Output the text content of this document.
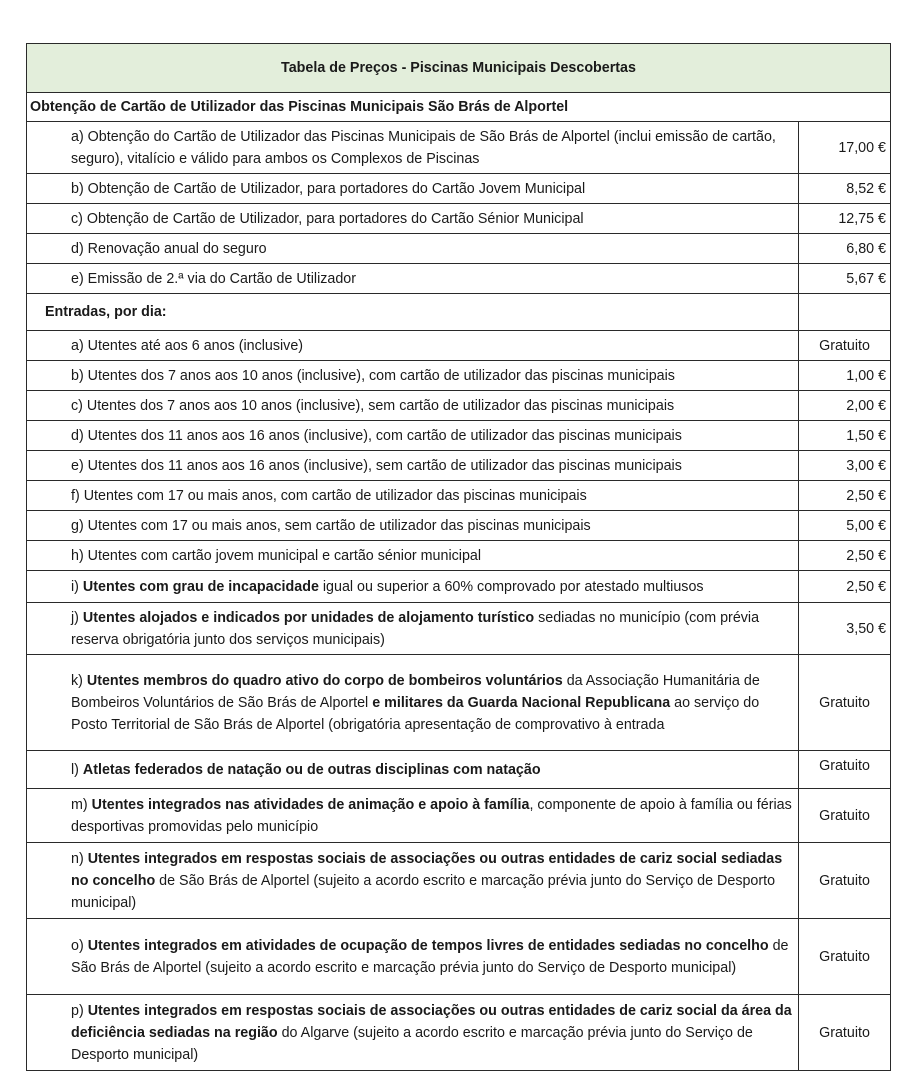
Tabela de Preços - Piscinas Municipais Descobertas	
Obtenção de Cartão de Utilizador das Piscinas Municipais São Brás de Alportel	
a) Obtenção do Cartão de Utilizador das Piscinas Municipais de São Brás de Alportel (inclui emissão de cartão, seguro), vitalício e válido para ambos os Complexos de Piscinas	17,00 €
b) Obtenção de Cartão de Utilizador, para portadores do Cartão Jovem Municipal	8,52 €
c) Obtenção de Cartão de Utilizador, para portadores do Cartão Sénior Municipal	12,75 €
d) Renovação anual do seguro	6,80 €
e) Emissão de 2.ª via do Cartão de Utilizador	5,67 €
Entradas, por dia:	
a) Utentes até aos 6 anos (inclusive)	Gratuito
b) Utentes dos 7 anos aos 10 anos (inclusive), com cartão de utilizador das piscinas municipais	1,00 €
c) Utentes dos 7 anos aos 10 anos (inclusive), sem cartão de utilizador das piscinas municipais	2,00 €
d) Utentes dos 11 anos aos 16 anos (inclusive), com cartão de utilizador das piscinas municipais	1,50 €
e) Utentes dos 11 anos aos 16 anos (inclusive), sem cartão de utilizador das piscinas municipais	3,00 €
f) Utentes com 17 ou mais anos, com cartão de utilizador das piscinas municipais	2,50 €
g) Utentes com 17 ou mais anos, sem cartão de utilizador das piscinas municipais	5,00 €
h) Utentes com cartão jovem municipal e cartão sénior municipal	2,50 €
i) Utentes com grau de incapacidade igual ou superior a 60% comprovado por atestado multiusos	2,50 €
j) Utentes alojados e indicados por unidades de alojamento turístico sediadas no município (com prévia reserva obrigatória junto dos serviços municipais)	3,50 €
k) Utentes membros do quadro ativo do corpo de bombeiros voluntários da Associação Humanitária de Bombeiros Voluntários de São Brás de Alportel e militares da Guarda Nacional Republicana ao serviço do Posto Territorial de São Brás de Alportel (obrigatória apresentação de comprovativo à entrada	Gratuito
l) Atletas federados de natação ou de outras disciplinas com natação	Gratuito
m) Utentes integrados nas atividades de animação e apoio à família, componente de apoio à família ou férias desportivas promovidas pelo município	Gratuito
n) Utentes integrados em respostas sociais de associações ou outras entidades de cariz social sediadas no concelho de São Brás de Alportel (sujeito a acordo escrito e marcação prévia junto do Serviço de Desporto municipal)	Gratuito
o) Utentes integrados em atividades de ocupação de tempos livres de entidades sediadas no concelho de São Brás de Alportel (sujeito a acordo escrito e marcação prévia junto do Serviço de Desporto municipal)	Gratuito
p) Utentes integrados em respostas sociais de associações ou outras entidades de cariz social da área da deficiência sediadas na região do Algarve (sujeito a acordo escrito e marcação prévia junto do Serviço de Desporto municipal)	Gratuito
